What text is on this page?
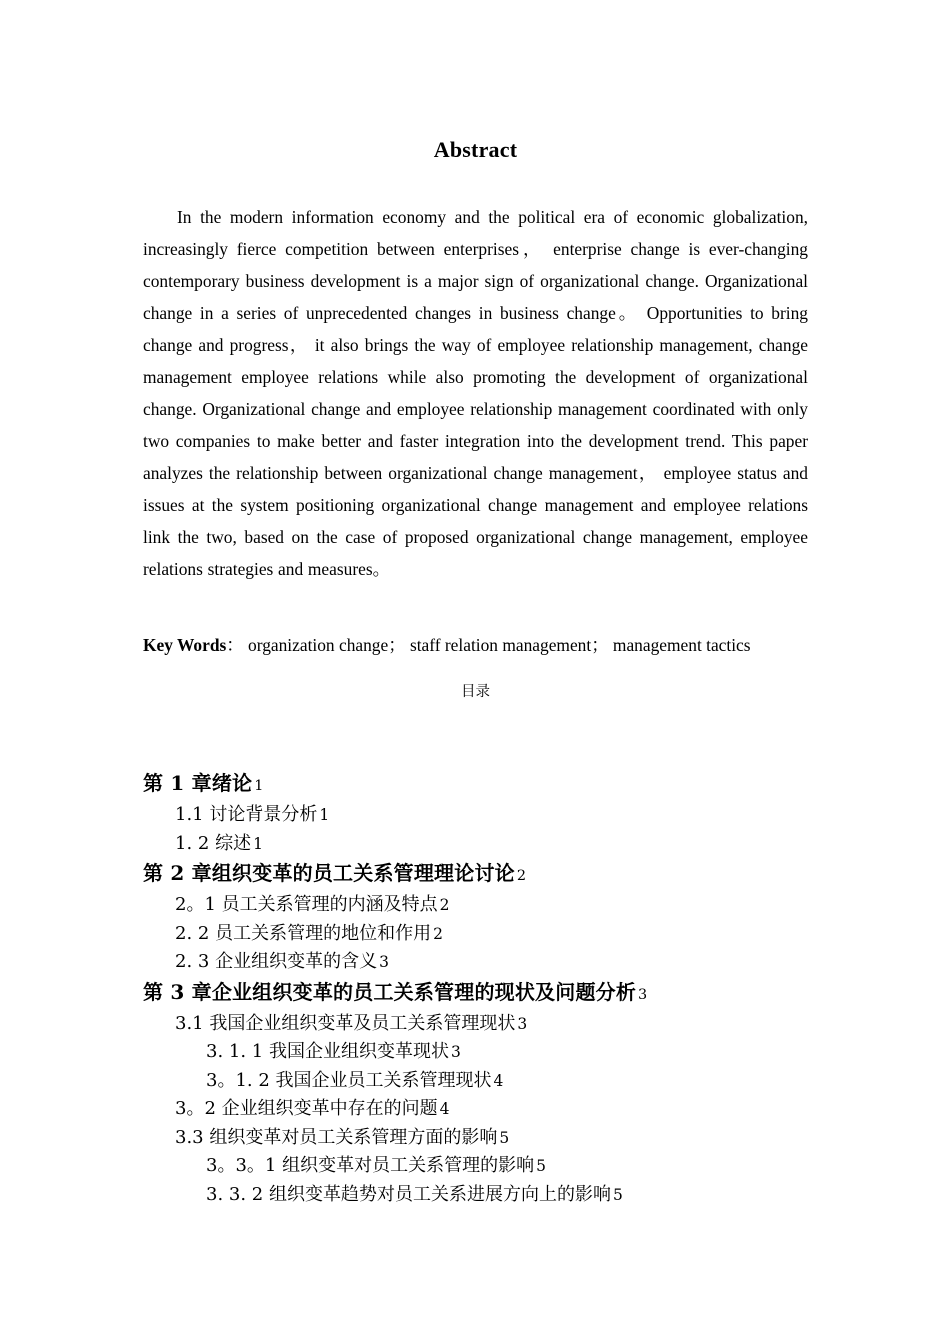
Abstract

In the modern information economy and the political era of economic globalization, increasingly fierce competition between enterprises， enterprise change is ever-changing contemporary business development is a major sign of organizational change. Organizational change in a series of unprecedented changes in business change。 Opportunities to bring change and progress， it also brings the way of employee relationship management, change management employee relations while also promoting the development of organizational change. Organizational change and employee relationship management coordinated with only two companies to make better and faster integration into the development trend. This paper analyzes the relationship between organizational change management， employee status and issues at the system positioning organizational change management and employee relations link the two, based on the case of proposed organizational change management, employee relations strategies and measures。

Key Words： organization change； staff relation management； management tactics

目录
第 1 章绪论 1
1.1 讨论背景分析 1
1. 2 综述 1
第 2 章组织变革的员工关系管理理论讨论 2
2。1 员工关系管理的内涵及特点 2
2. 2 员工关系管理的地位和作用 2
2. 3 企业组织变革的含义 3
第 3 章企业组织变革的员工关系管理的现状及问题分析 3
3.1 我国企业组织变革及员工关系管理现状 3
3. 1. 1 我国企业组织变革现状 3
3。1. 2 我国企业员工关系管理现状 4
3。2 企业组织变革中存在的问题 4
3.3 组织变革对员工关系管理方面的影响 5
3。3。1 组织变革对员工关系管理的影响 5
3. 3. 2 组织变革趋势对员工关系进展方向上的影响 5
